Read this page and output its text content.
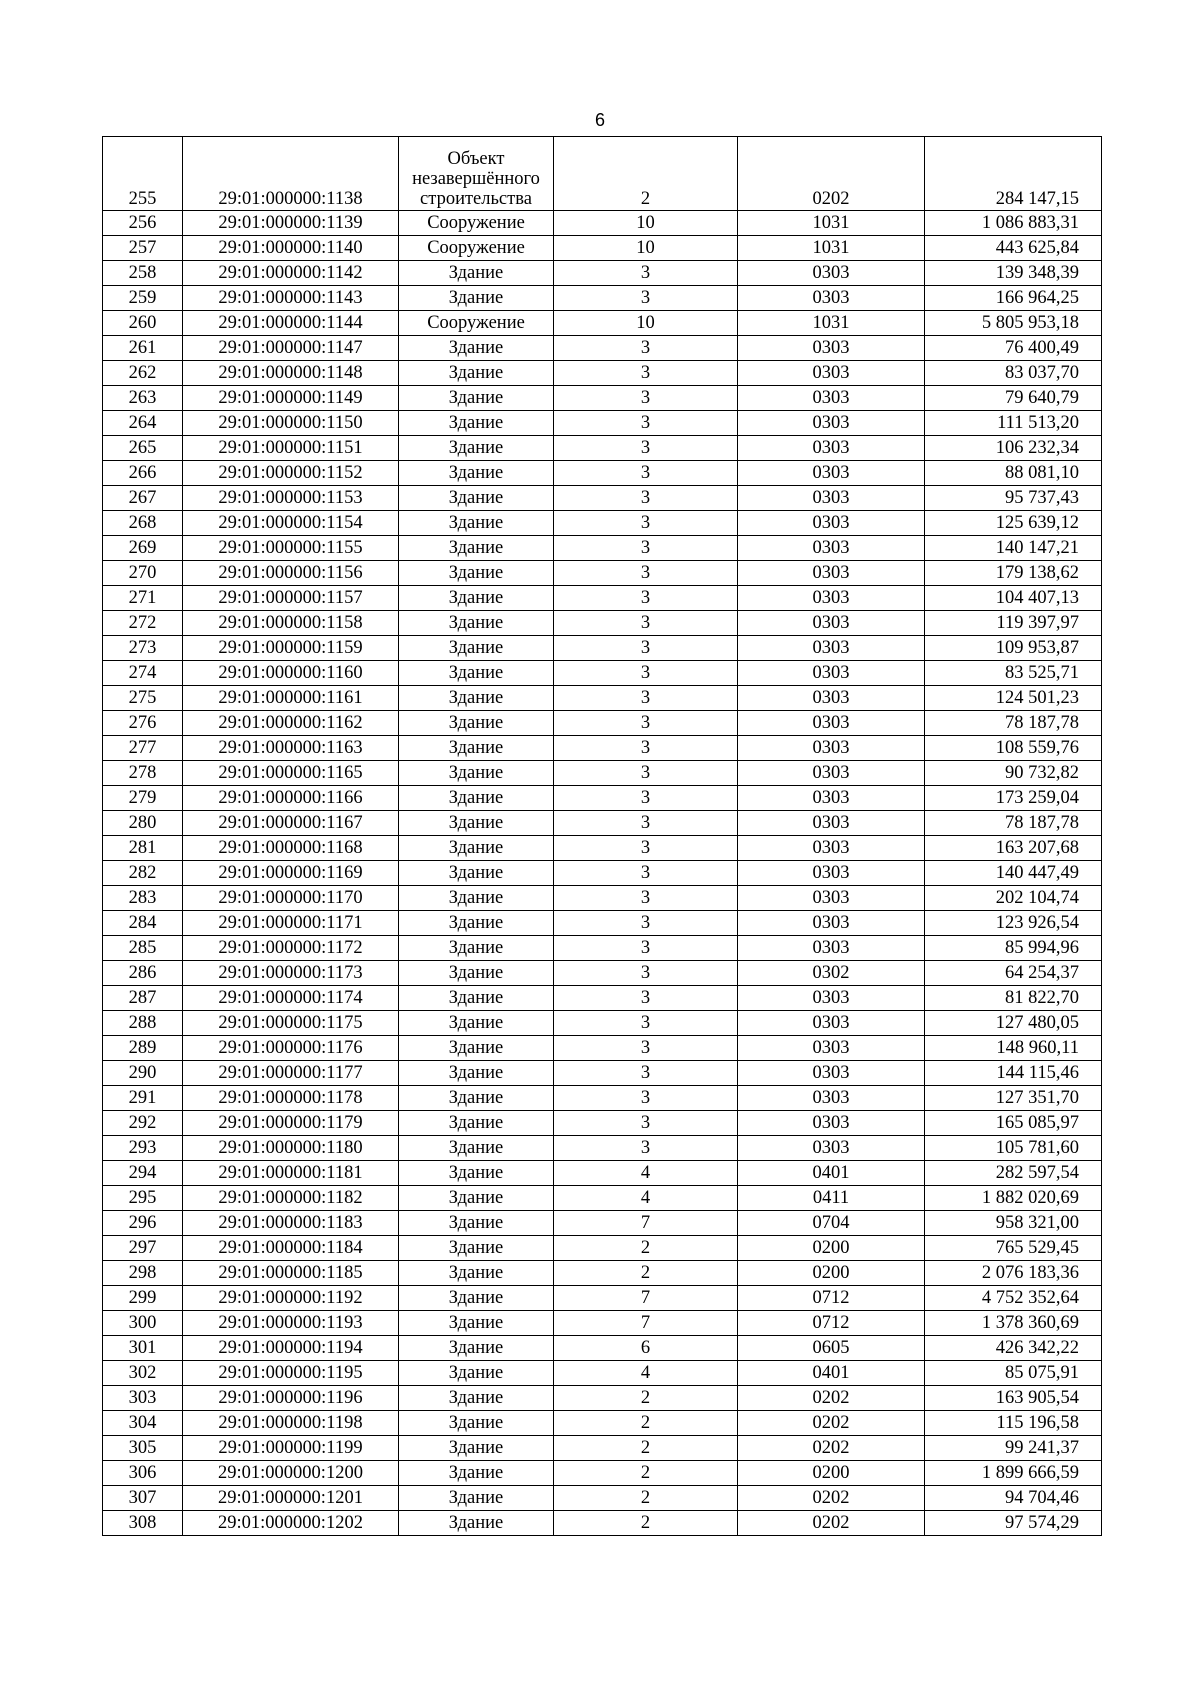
6
255	29:01:000000:1138	Объект незавершённого строительства	2	0202	284 147,15
256	29:01:000000:1139	Сооружение	10	1031	1 086 883,31
257	29:01:000000:1140	Сооружение	10	1031	443 625,84
258	29:01:000000:1142	Здание	3	0303	139 348,39
259	29:01:000000:1143	Здание	3	0303	166 964,25
260	29:01:000000:1144	Сооружение	10	1031	5 805 953,18
261	29:01:000000:1147	Здание	3	0303	76 400,49
262	29:01:000000:1148	Здание	3	0303	83 037,70
263	29:01:000000:1149	Здание	3	0303	79 640,79
264	29:01:000000:1150	Здание	3	0303	111 513,20
265	29:01:000000:1151	Здание	3	0303	106 232,34
266	29:01:000000:1152	Здание	3	0303	88 081,10
267	29:01:000000:1153	Здание	3	0303	95 737,43
268	29:01:000000:1154	Здание	3	0303	125 639,12
269	29:01:000000:1155	Здание	3	0303	140 147,21
270	29:01:000000:1156	Здание	3	0303	179 138,62
271	29:01:000000:1157	Здание	3	0303	104 407,13
272	29:01:000000:1158	Здание	3	0303	119 397,97
273	29:01:000000:1159	Здание	3	0303	109 953,87
274	29:01:000000:1160	Здание	3	0303	83 525,71
275	29:01:000000:1161	Здание	3	0303	124 501,23
276	29:01:000000:1162	Здание	3	0303	78 187,78
277	29:01:000000:1163	Здание	3	0303	108 559,76
278	29:01:000000:1165	Здание	3	0303	90 732,82
279	29:01:000000:1166	Здание	3	0303	173 259,04
280	29:01:000000:1167	Здание	3	0303	78 187,78
281	29:01:000000:1168	Здание	3	0303	163 207,68
282	29:01:000000:1169	Здание	3	0303	140 447,49
283	29:01:000000:1170	Здание	3	0303	202 104,74
284	29:01:000000:1171	Здание	3	0303	123 926,54
285	29:01:000000:1172	Здание	3	0303	85 994,96
286	29:01:000000:1173	Здание	3	0302	64 254,37
287	29:01:000000:1174	Здание	3	0303	81 822,70
288	29:01:000000:1175	Здание	3	0303	127 480,05
289	29:01:000000:1176	Здание	3	0303	148 960,11
290	29:01:000000:1177	Здание	3	0303	144 115,46
291	29:01:000000:1178	Здание	3	0303	127 351,70
292	29:01:000000:1179	Здание	3	0303	165 085,97
293	29:01:000000:1180	Здание	3	0303	105 781,60
294	29:01:000000:1181	Здание	4	0401	282 597,54
295	29:01:000000:1182	Здание	4	0411	1 882 020,69
296	29:01:000000:1183	Здание	7	0704	958 321,00
297	29:01:000000:1184	Здание	2	0200	765 529,45
298	29:01:000000:1185	Здание	2	0200	2 076 183,36
299	29:01:000000:1192	Здание	7	0712	4 752 352,64
300	29:01:000000:1193	Здание	7	0712	1 378 360,69
301	29:01:000000:1194	Здание	6	0605	426 342,22
302	29:01:000000:1195	Здание	4	0401	85 075,91
303	29:01:000000:1196	Здание	2	0202	163 905,54
304	29:01:000000:1198	Здание	2	0202	115 196,58
305	29:01:000000:1199	Здание	2	0202	99 241,37
306	29:01:000000:1200	Здание	2	0200	1 899 666,59
307	29:01:000000:1201	Здание	2	0202	94 704,46
308	29:01:000000:1202	Здание	2	0202	97 574,29
